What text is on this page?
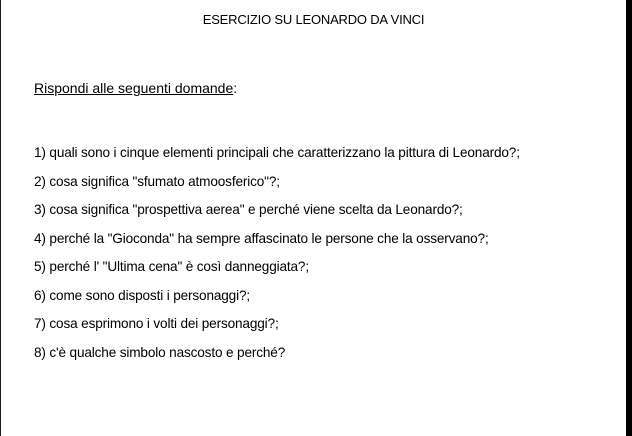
ESERCIZIO SU LEONARDO DA VINCI
Rispondi alle seguenti domande:
1) quali sono i cinque elementi principali che caratterizzano la pittura di Leonardo?;
2) cosa significa "sfumato atmoosferico"?;
3) cosa significa "prospettiva aerea" e perché viene scelta da Leonardo?;
4) perché la "Gioconda" ha sempre affascinato le persone che la osservano?;
5) perché l' "Ultima cena" è così danneggiata?;
6) come sono disposti i personaggi?;
7) cosa esprimono i volti dei personaggi?;
8) c'è qualche simbolo nascosto e perché?
